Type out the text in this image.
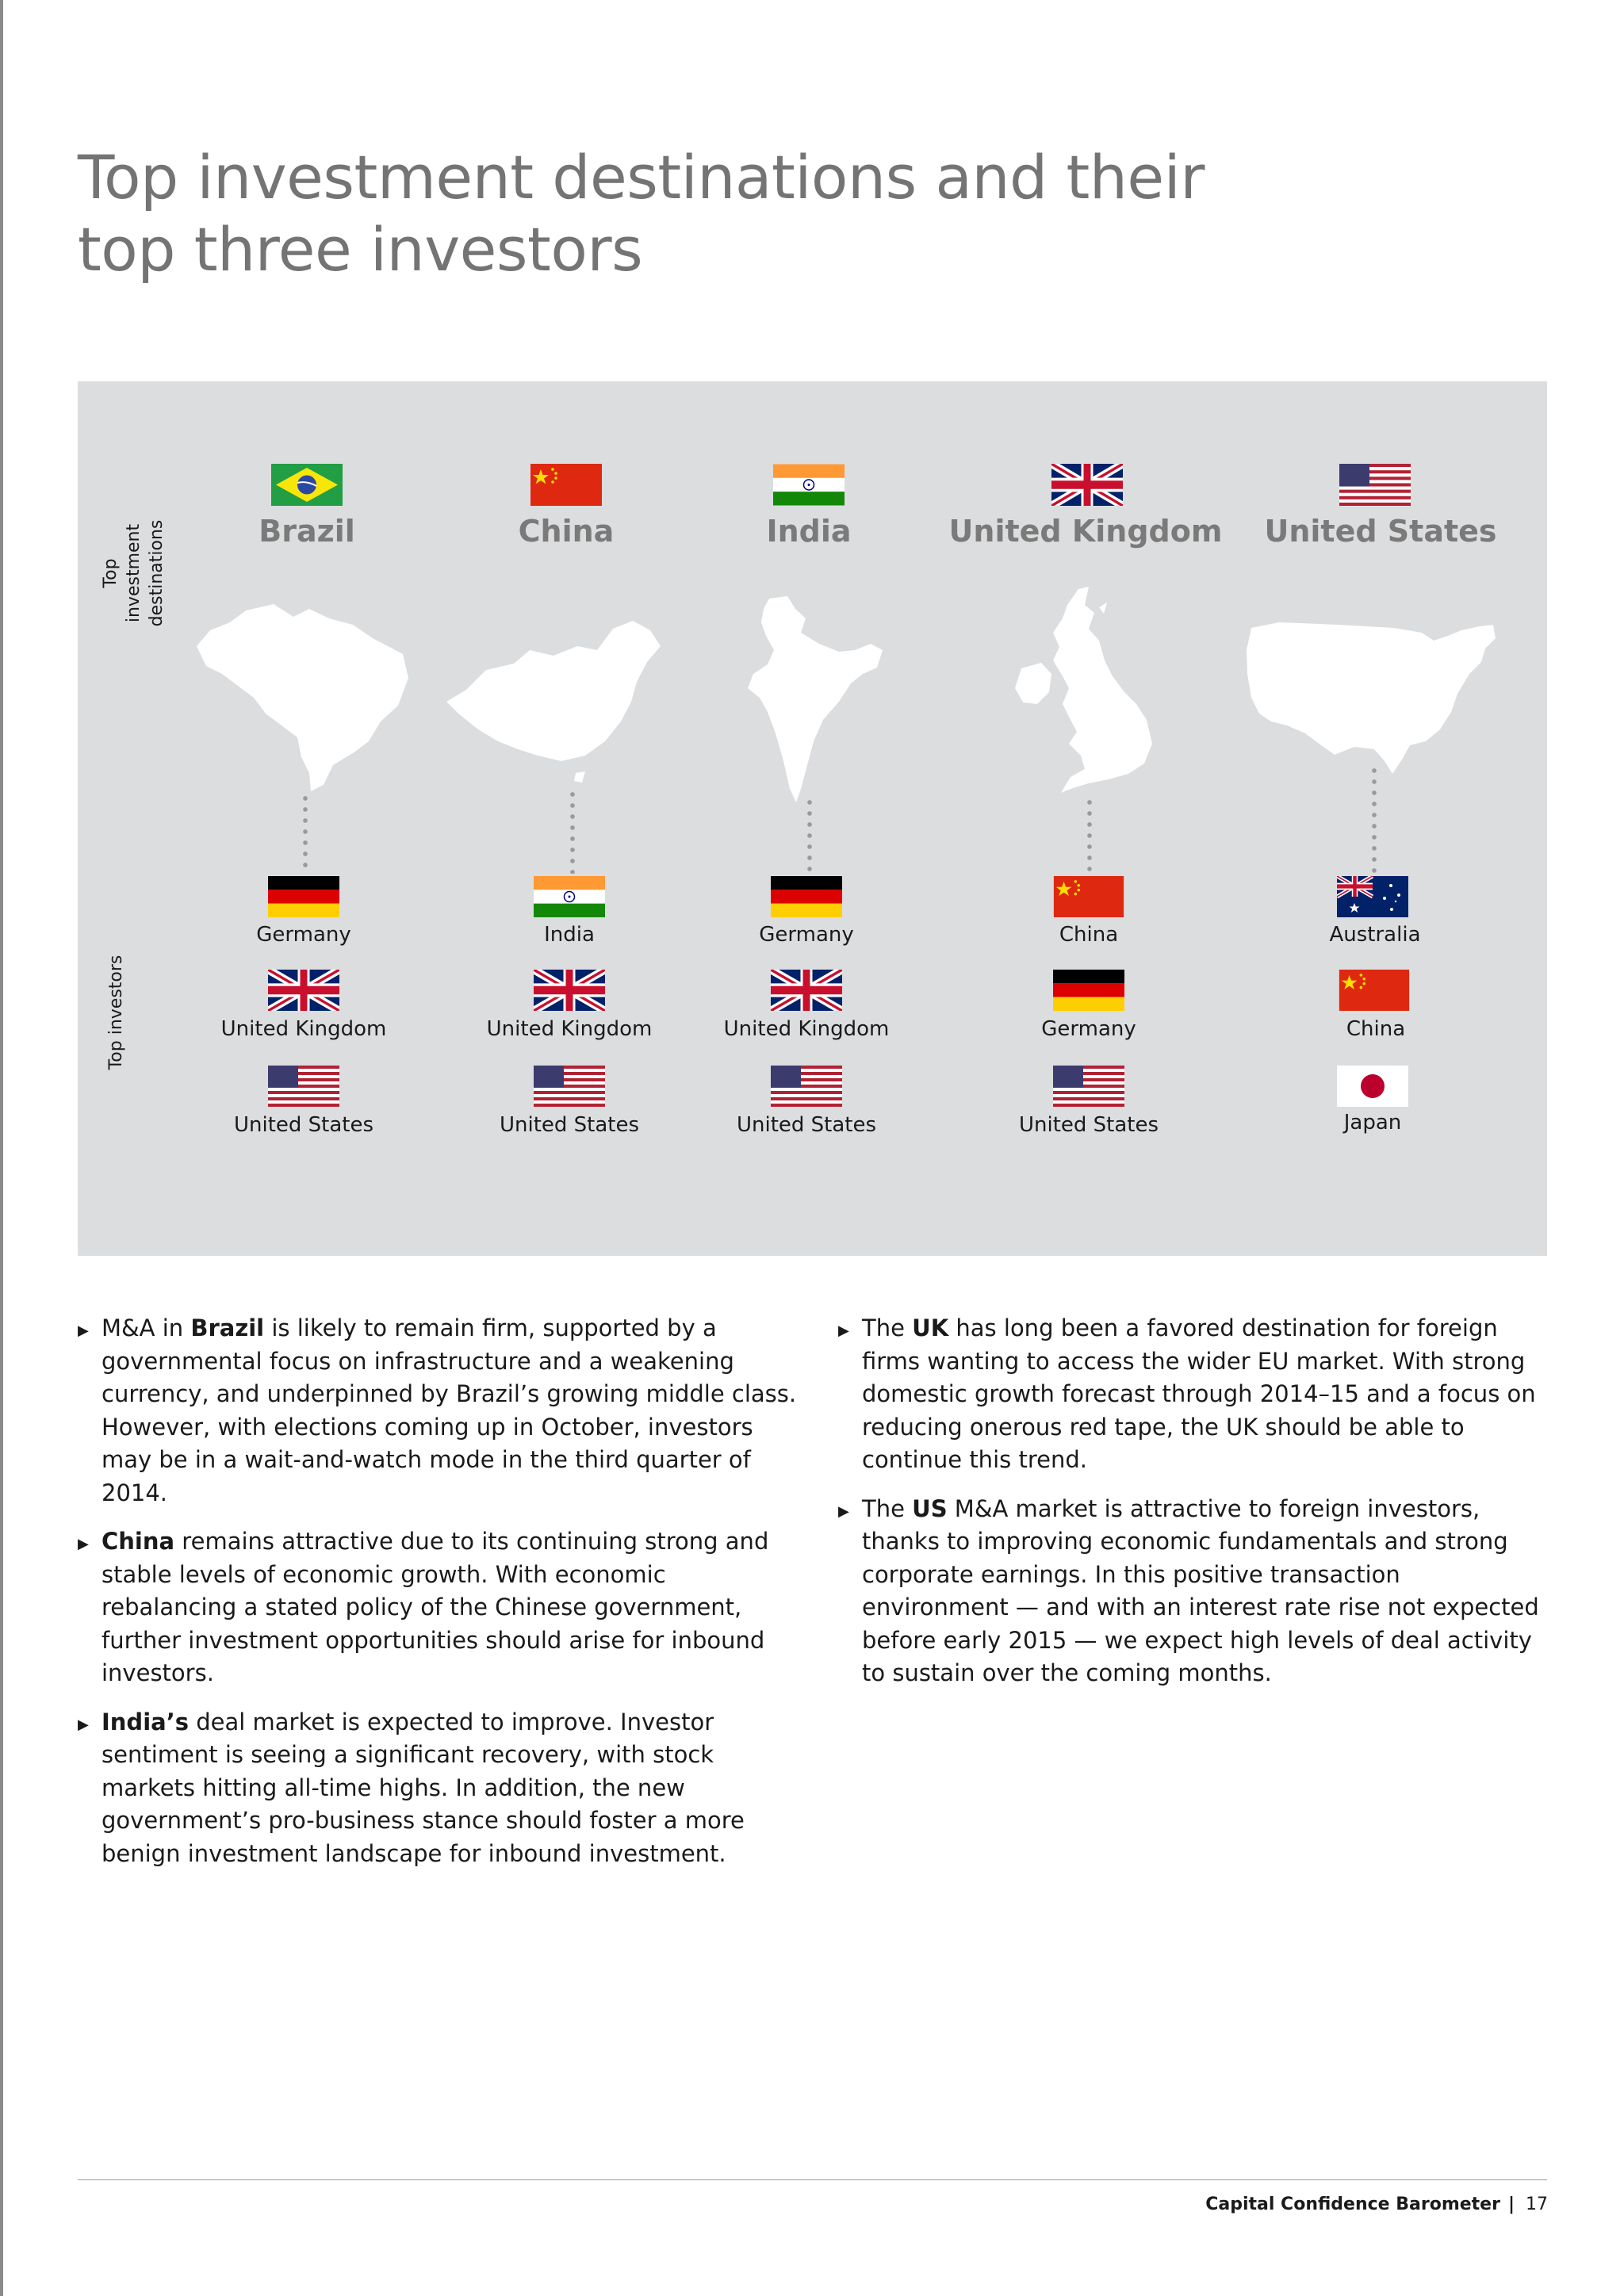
Top investment destinations and their
top three investors
Top investment destinations
Top investors
Brazil
Germany
United Kingdom
United States
China
India
United Kingdom
United States
India
Germany
United Kingdom
United States
United Kingdom
China
Germany
United States
United States
Australia
China
Japan
▶ M&A in Brazil is likely to remain firm, supported by a governmental focus on infrastructure and a weakening currency, and underpinned by Brazil’s growing middle class. However, with elections coming up in October, investors may be in a wait-and-watch mode in the third quarter of 2014.
▶ China remains attractive due to its continuing strong and stable levels of economic growth. With economic rebalancing a stated policy of the Chinese government, further investment opportunities should arise for inbound investors.
▶ India’s deal market is expected to improve. Investor sentiment is seeing a significant recovery, with stock markets hitting all-time highs. In addition, the new government’s pro-business stance should foster a more benign investment landscape for inbound investment.
▶ The UK has long been a favored destination for foreign firms wanting to access the wider EU market. With strong domestic growth forecast through 2014–15 and a focus on reducing onerous red tape, the UK should be able to continue this trend.
▶ The US M&A market is attractive to foreign investors, thanks to improving economic fundamentals and strong corporate earnings. In this positive transaction environment — and with an interest rate rise not expected before early 2015 — we expect high levels of deal activity to sustain over the coming months.
Capital Confidence Barometer | 17
